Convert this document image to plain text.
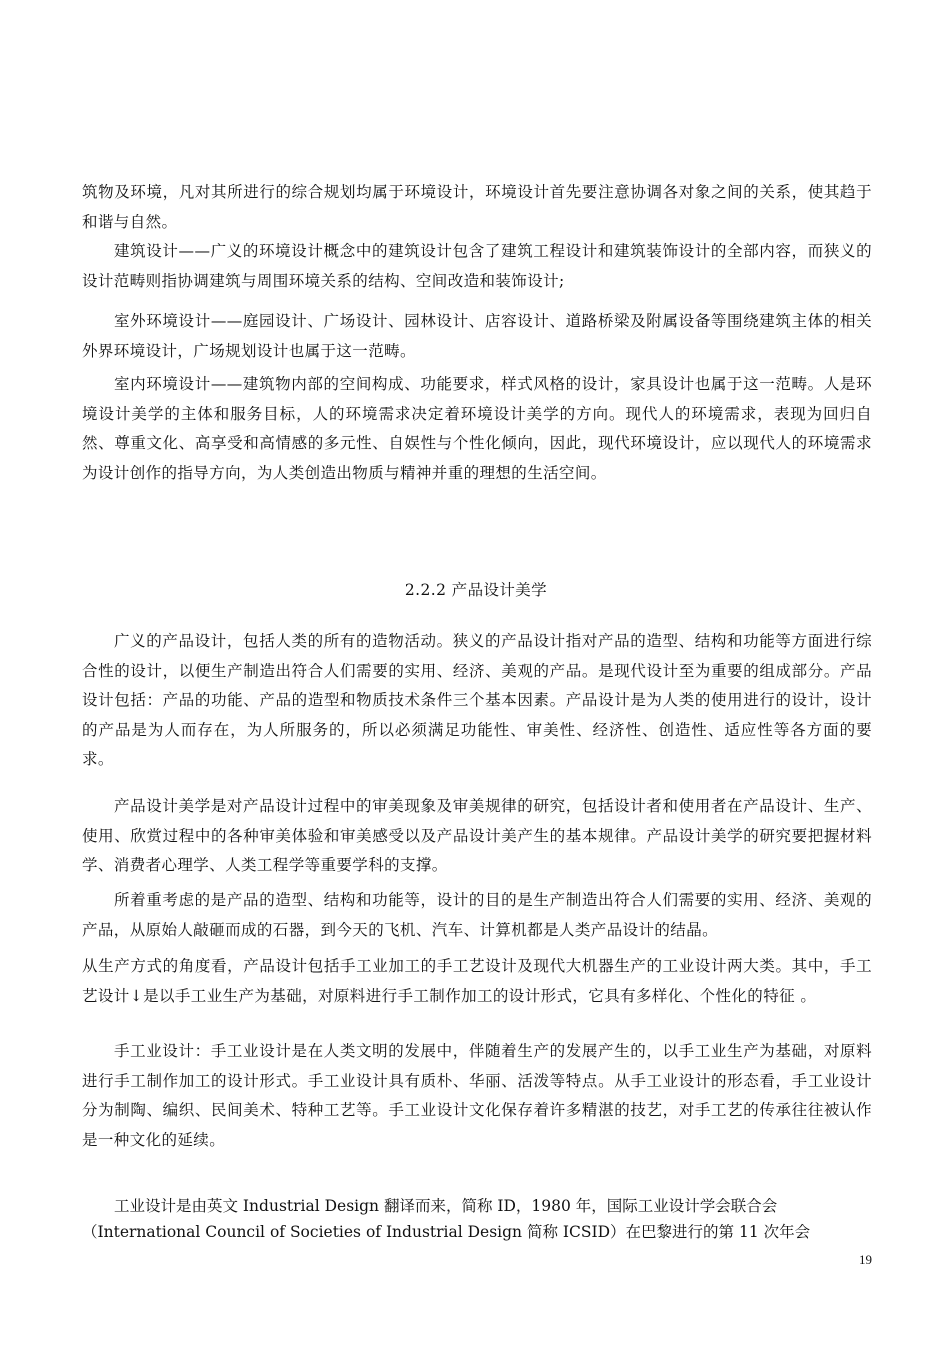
筑物及环境，凡对其所进行的综合规划均属于环境设计，环境设计首先要注意协调各对象之间的关系，使其趋于和谐与自然。

建筑设计——广义的环境设计概念中的建筑设计包含了建筑工程设计和建筑装饰设计的全部内容，而狭义的设计范畴则指协调建筑与周围环境关系的结构、空间改造和装饰设计;

室外环境设计——庭园设计、广场设计、园林设计、店容设计、道路桥梁及附属设备等围绕建筑主体的相关外界环境设计，广场规划设计也属于这一范畴。

室内环境设计——建筑物内部的空间构成、功能要求，样式风格的设计，家具设计也属于这一范畴。人是环境设计美学的主体和服务目标，人的环境需求决定着环境设计美学的方向。现代人的环境需求，表现为回归自然、尊重文化、高享受和高情感的多元性、自娱性与个性化倾向，因此，现代环境设计，应以现代人的环境需求为设计创作的指导方向，为人类创造出物质与精神并重的理想的生活空间。

2.2.2 产品设计美学

广义的产品设计，包括人类的所有的造物活动。狭义的产品设计指对产品的造型、结构和功能等方面进行综合性的设计，以便生产制造出符合人们需要的实用、经济、美观的产品。是现代设计至为重要的组成部分。产品设计包括：产品的功能、产品的造型和物质技术条件三个基本因素。产品设计是为人类的使用进行的设计，设计的产品是为人而存在，为人所服务的，所以必须满足功能性、审美性、经济性、创造性、适应性等各方面的要求。

产品设计美学是对产品设计过程中的审美现象及审美规律的研究，包括设计者和使用者在产品设计、生产、使用、欣赏过程中的各种审美体验和审美感受以及产品设计美产生的基本规律。产品设计美学的研究要把握材料学、消费者心理学、人类工程学等重要学科的支撑。

所着重考虑的是产品的造型、结构和功能等，设计的目的是生产制造出符合人们需要的实用、经济、美观的产品，从原始人敲砸而成的石器，到今天的飞机、汽车、计算机都是人类产品设计的结晶。

从生产方式的角度看，产品设计包括手工业加工的手工艺设计及现代大机器生产的工业设计两大类。其中，手工艺设计↓是以手工业生产为基础，对原料进行手工制作加工的设计形式，它具有多样化、个性化的特征 。

手工业设计：手工业设计是在人类文明的发展中，伴随着生产的发展产生的，以手工业生产为基础，对原料进行手工制作加工的设计形式。手工业设计具有质朴、华丽、活泼等特点。从手工业设计的形态看，手工业设计分为制陶、编织、民间美术、特种工艺等。手工业设计文化保存着许多精湛的技艺，对手工艺的传承往往被认作是一种文化的延续。

工业设计是由英文 Industrial Design 翻译而来，简称 ID，1980 年，国际工业设计学会联合会

（International Council of Societies of Industrial Design 简称 ICSID）在巴黎进行的第 11 次年会

19
